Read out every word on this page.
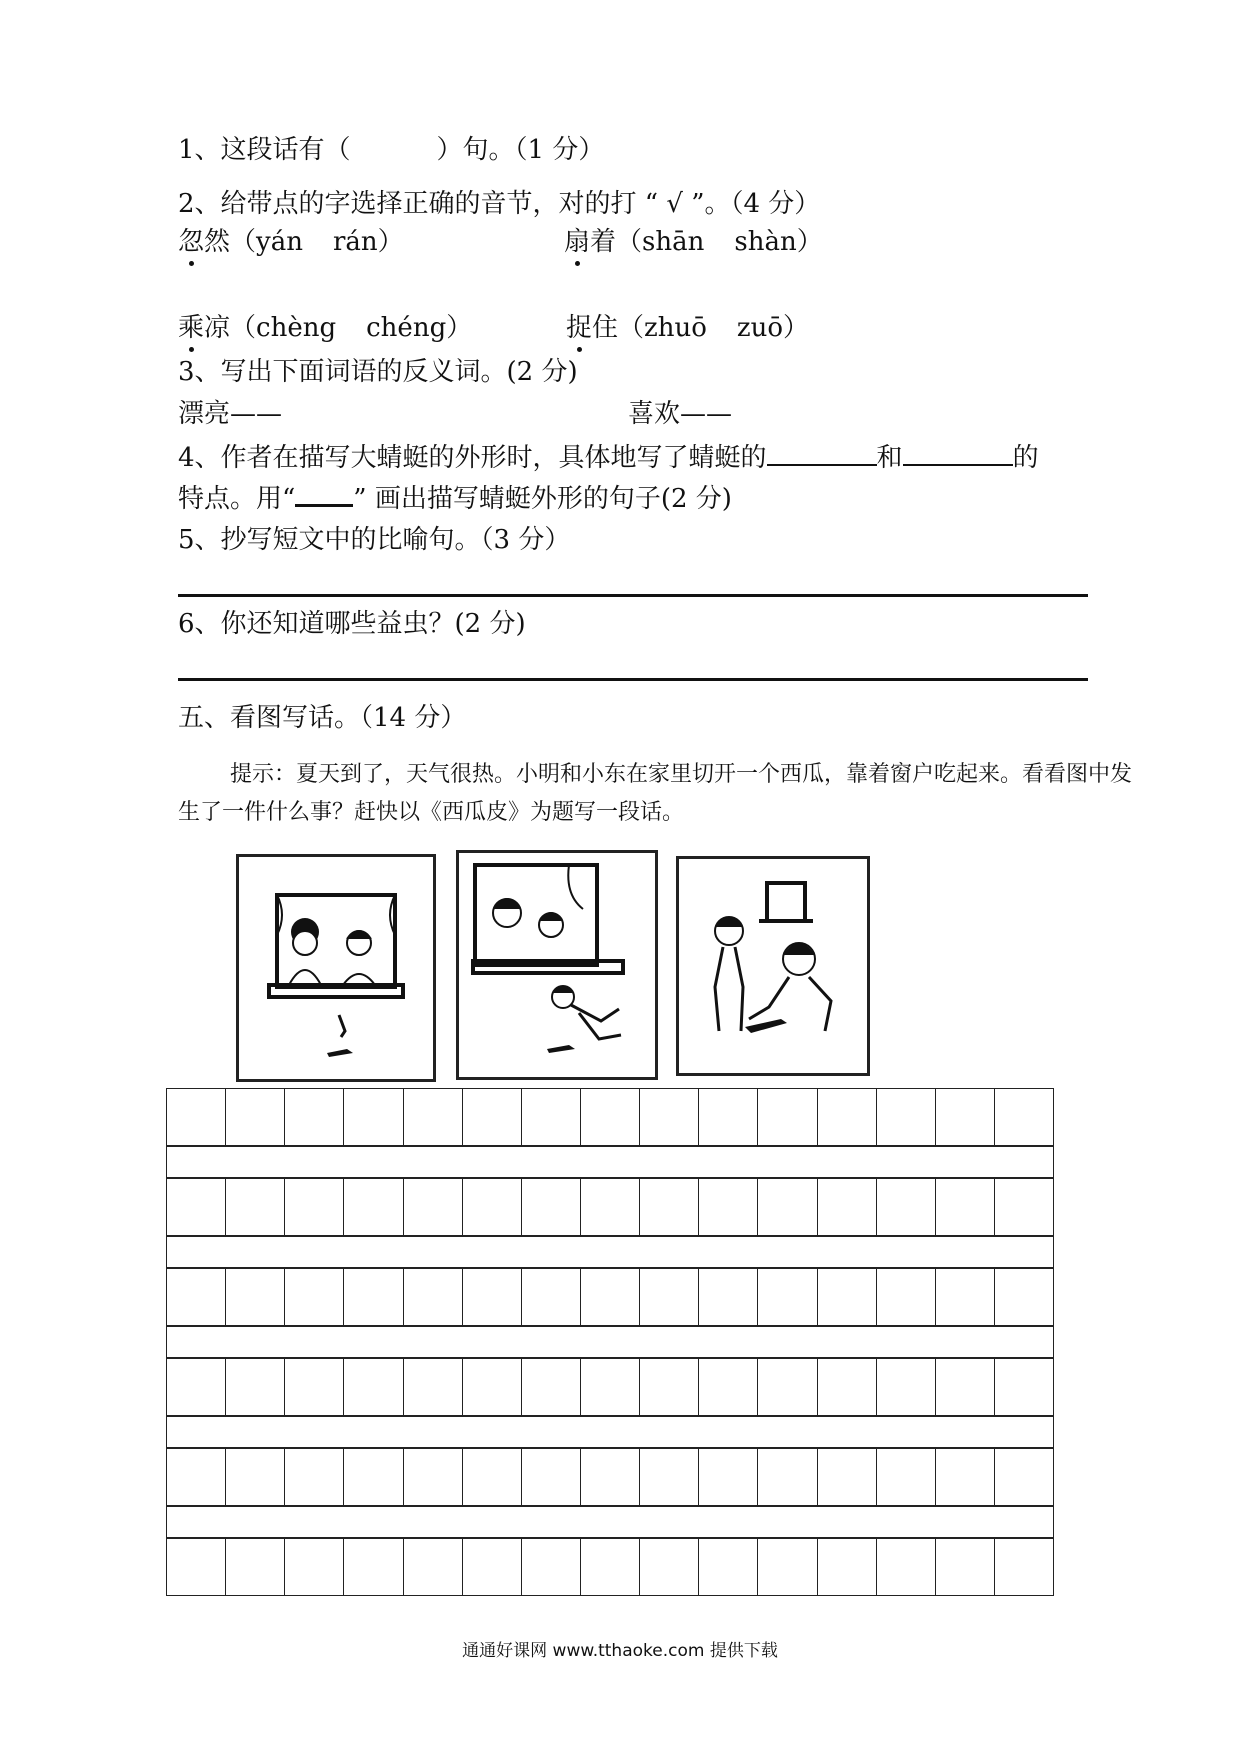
1、这段话有（	）句。（1 分）
2、给带点的字选择正确的音节，对的打 “ √ ”。（4 分）
忽然（yán rán）	扇着（shān shàn）
乘凉（chèng chéng）	捉住（zhuō zuō）
3、写出下面词语的反义词。(2 分)
漂亮——	喜欢——
4、作者在描写大蜻蜓的外形时，具体地写了蜻蜓的	和	的
特点。用“ ” 画出描写蜻蜓外形的句子(2 分)
5、抄写短文中的比喻句。（3 分）
6、你还知道哪些益虫？(2 分)
五、看图写话。（14 分）
提示：夏天到了，天气很热。小明和小东在家里切开一个西瓜，靠着窗户吃起来。看看图中发生了一件什么事？赶快以《西瓜皮》为题写一段话。
通通好课网 www.tthaoke.com 提供下载
